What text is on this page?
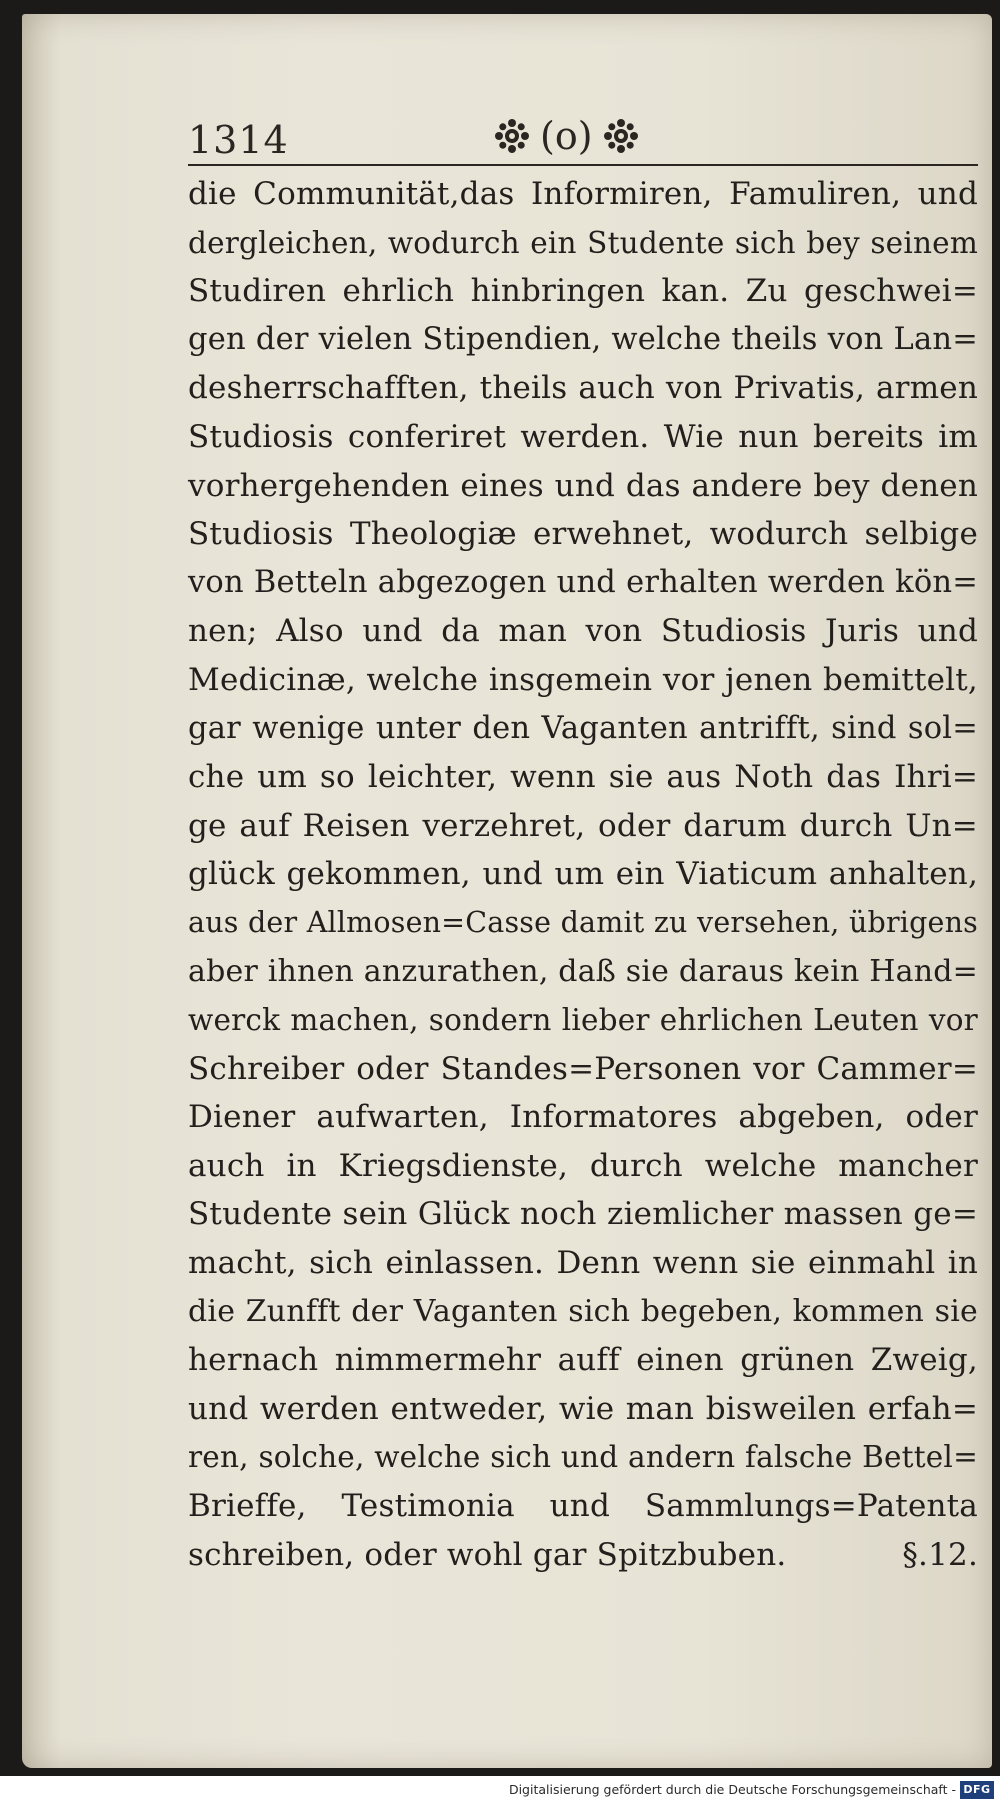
1314	(o)
die Communität,das Informiren, Famuliren, und
dergleichen, wodurch ein Studente sich bey seinem
Studiren ehrlich hinbringen kan. Zu geschwei=
gen der vielen Stipendien, welche theils von Lan=
desherrschafften, theils auch von Privatis, armen
Studiosis conferiret werden. Wie nun bereits im
vorhergehenden eines und das andere bey denen
Studiosis Theologiæ erwehnet, wodurch selbige
von Betteln abgezogen und erhalten werden kön=
nen; Also und da man von Studiosis Juris und
Medicinæ, welche insgemein vor jenen bemittelt,
gar wenige unter den Vaganten antrifft, sind sol=
che um so leichter, wenn sie aus Noth das Ihri=
ge auf Reisen verzehret, oder darum durch Un=
glück gekommen, und um ein Viaticum anhalten,
aus der Allmosen=Casse damit zu versehen, übrigens
aber ihnen anzurathen, daß sie daraus kein Hand=
werck machen, sondern lieber ehrlichen Leuten vor
Schreiber oder Standes=Personen vor Cammer=
Diener aufwarten, Informatores abgeben, oder
auch in Kriegsdienste, durch welche mancher
Studente sein Glück noch ziemlicher massen ge=
macht, sich einlassen. Denn wenn sie einmahl in
die Zunfft der Vaganten sich begeben, kommen sie
hernach nimmermehr auff einen grünen Zweig,
und werden entweder, wie man bisweilen erfah=
ren, solche, welche sich und andern falsche Bettel=
Brieffe, Testimonia und Sammlungs=Patenta
schreiben, oder wohl gar Spitzbuben.	§.12.
Digitalisierung gefördert durch die Deutsche Forschungsgemeinschaft - DFG
